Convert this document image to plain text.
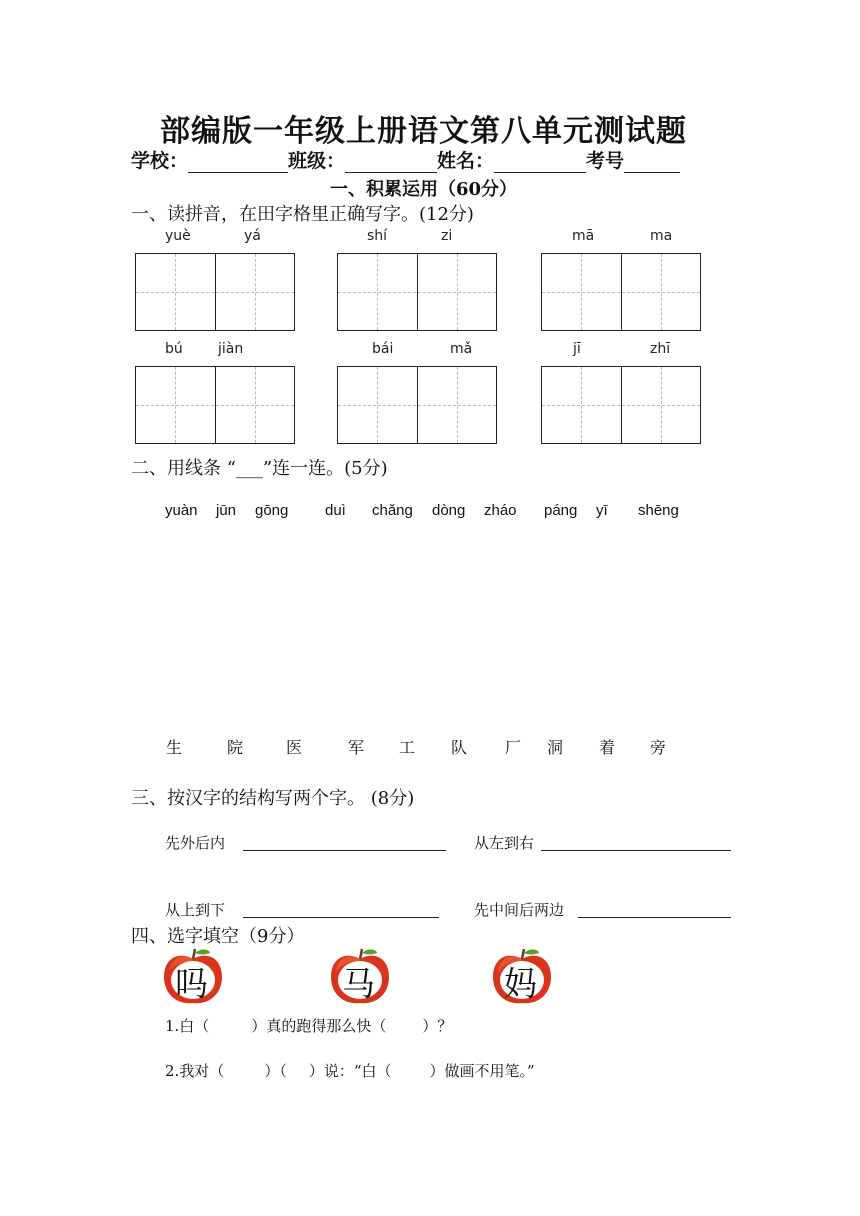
部编版一年级上册语文第八单元测试题
学校：	班级：	姓名：	考号
一、积累运用（60分）
一、读拼音，在田字格里正确写字。(12分)
yuè	yá	shí	zi	mā	ma
bú	jiàn	bái	mǎ	jī	zhī
二、用线条 “___”连一连。(5分)
yuàn jūn gōng duì chǎng dòng zháo páng yī shēng
生	院	医	军 工 队 厂 洞 着 旁
三、按汉字的结构写两个字。 (8分)
先外后内	从左到右
从上到下	先中间后两边
四、选字填空（9分）
吗	马	妈
1.白（	）真的跑得那么快（ ）？
2.我对（	）（ ）说：“白（	）做画不用笔。”
